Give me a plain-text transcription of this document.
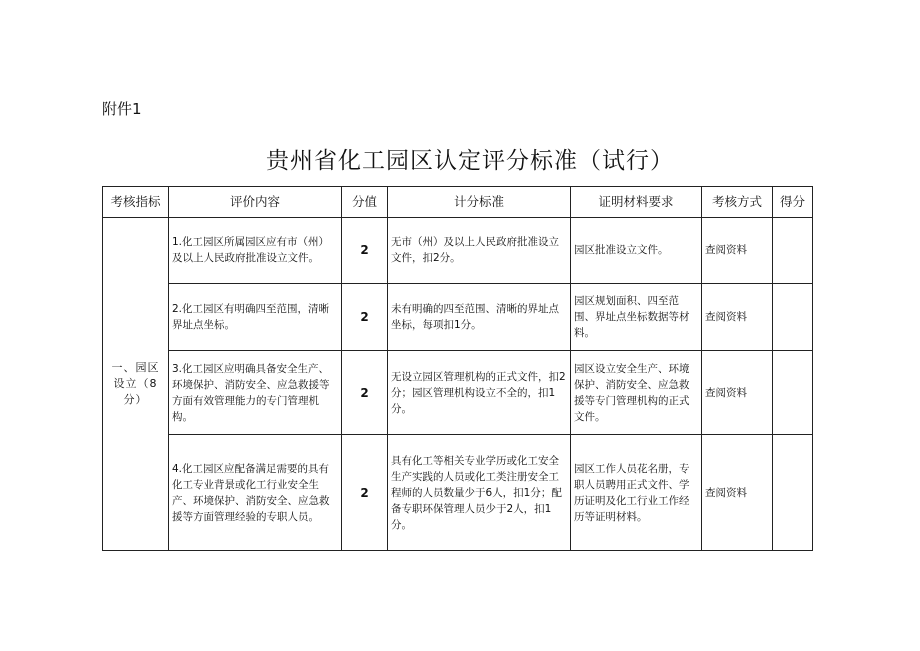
附件1
贵州省化工园区认定评分标准（试行）
考核指标	评价内容	分值	计分标准	证明材料要求	考核方式	得分
一、园区设立（8分）	1.化工园区所属园区应有市（州）及以上人民政府批准设立文件。	2	无市（州）及以上人民政府批准设立文件，扣2分。	园区批准设立文件。	查阅资料	
	2.化工园区有明确四至范围，清晰界址点坐标。	2	未有明确的四至范围、清晰的界址点坐标，每项扣1分。	园区规划面积、四至范围、界址点坐标数据等材料。	查阅资料	
	3.化工园区应明确具备安全生产、环境保护、消防安全、应急救援等方面有效管理能力的专门管理机构。	2	无设立园区管理机构的正式文件，扣2分；园区管理机构设立不全的，扣1分。	园区设立安全生产、环境保护、消防安全、应急救援等专门管理机构的正式文件。	查阅资料	
	4.化工园区应配备满足需要的具有化工专业背景或化工行业安全生产、环境保护、消防安全、应急救援等方面管理经验的专职人员。	2	具有化工等相关专业学历或化工安全生产实践的人员或化工类注册安全工程师的人员数量少于6人，扣1分；配备专职环保管理人员少于2人，扣1分。	园区工作人员花名册，专职人员聘用正式文件、学历证明及化工行业工作经历等证明材料。	查阅资料	
